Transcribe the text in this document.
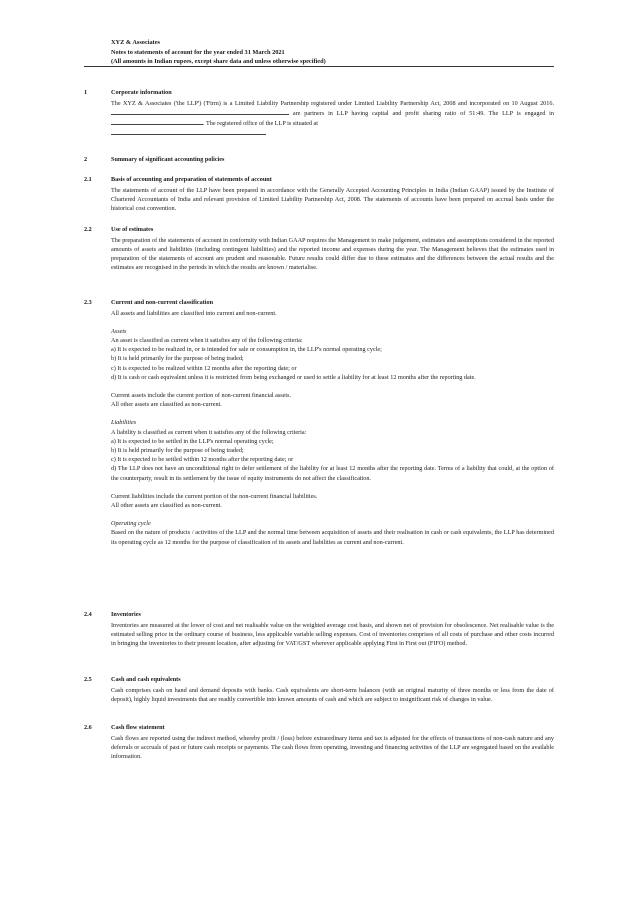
XYZ & Associates
Notes to statements of account for the year ended 31 March 2021
(All amounts in Indian rupees, except share data and unless otherwise specified)
1	Corporate information

The XYZ & Associates ('the LLP') ('Firm) is a Limited Liability Partnership registered under Limited Liability Partnership Act, 2008 and incorporated on 10 August 2016.  are partners in LLP having capital and profit sharing ratio of 51:49. The LLP is engaged in . The registered office of the LLP is situated at

2	Summary of significant accounting policies
2.1	Basis of accounting and preparation of statements of account

The statements of account of the LLP have been prepared in accordance with the Generally Accepted Accounting Principles in India (Indian GAAP) issued by the Institute of Chartered Accountants of India and relevant provision of Limited Liability Partnership Act, 2008. The statements of accounts have been prepared on accrual basis under the historical cost convention.

2.2	Use of estimates

The preparation of the statements of account in conformity with Indian GAAP requires the Management to make judgement, estimates and assumptions considered in the reported amounts of assets and liabilities (including contingent liabilities) and the reported income and expenses during the year. The Management believes that the estimates used in preparation of the statements of account are prudent and reasonable. Future results could differ due to these estimates and the differences between the actual results and the estimates are recognised in the periods in which the results are known / materialise.

2.3	Current and non-current classification

All assets and liabilities are classified into current and non-current.

Assets

An asset is classified as current when it satisfies any of the following criteria:

a) It is expected to be realized in, or is intended for sale or consumption in, the LLP's normal operating cycle;

b) It is held primarily for the purpose of being traded;

c) It is expected to be realized within 12 months after the reporting date; or

d) It is cash or cash equivalent unless it is restricted from being exchanged or used to settle a liability for at least 12 months after the reporting date.

Current assets include the current portion of non-current financial assets.

All other assets are classified as non-current.

Liabilities

A liability is classified as current when it satisfies any of the following criteria:

a) It is expected to be settled in the LLP's normal operating cycle;

b) It is held primarily for the purpose of being traded;

c) It is expected to be settled within 12 months after the reporting date; or

d) The LLP does not have an unconditional right to defer settlement of the liability for at least 12 months after the reporting date. Terms of a liability that could, at the option of the counterparty, result in its settlement by the issue of equity instruments do not affect the classification.

Current liabilities include the current portion of the non-current financial liabilities.

All other assets are classified as non-current.

Operating cycle

Based on the nature of products / activities of the LLP and the normal time between acquisition of assets and their realisation in cash or cash equivalents, the LLP has determined its operating cycle as 12 months for the purpose of classification of its assets and liabilities as current and non-current.

2.4	Inventories

Inventories are measured at the lower of cost and net realisable value on the weighted average cost basis, and shown net of provision for obsolescence. Net realisable value is the estimated selling price in the ordinary course of business, less applicable variable selling expenses. Cost of inventories comprises of all costs of purchase and other costs incurred in bringing the inventories to their present location, after adjusting for VAT/GST wherever applicable applying First in First out (FIFO) method.

2.5	Cash and cash equivalents

Cash comprises cash on hand and demand deposits with banks. Cash equivalents are short-term balances (with an original maturity of three months or less from the date of deposit), highly liquid investments that are readily convertible into known amounts of cash and which are subject to insignificant risk of changes in value.

2.6	Cash flow statement

Cash flows are reported using the indirect method, whereby profit / (loss) before extraordinary items and tax is adjusted for the effects of transactions of non-cash nature and any deferrals or accruals of past or future cash receipts or payments. The cash flows from operating, investing and financing activities of the LLP are segregated based on the available information.
